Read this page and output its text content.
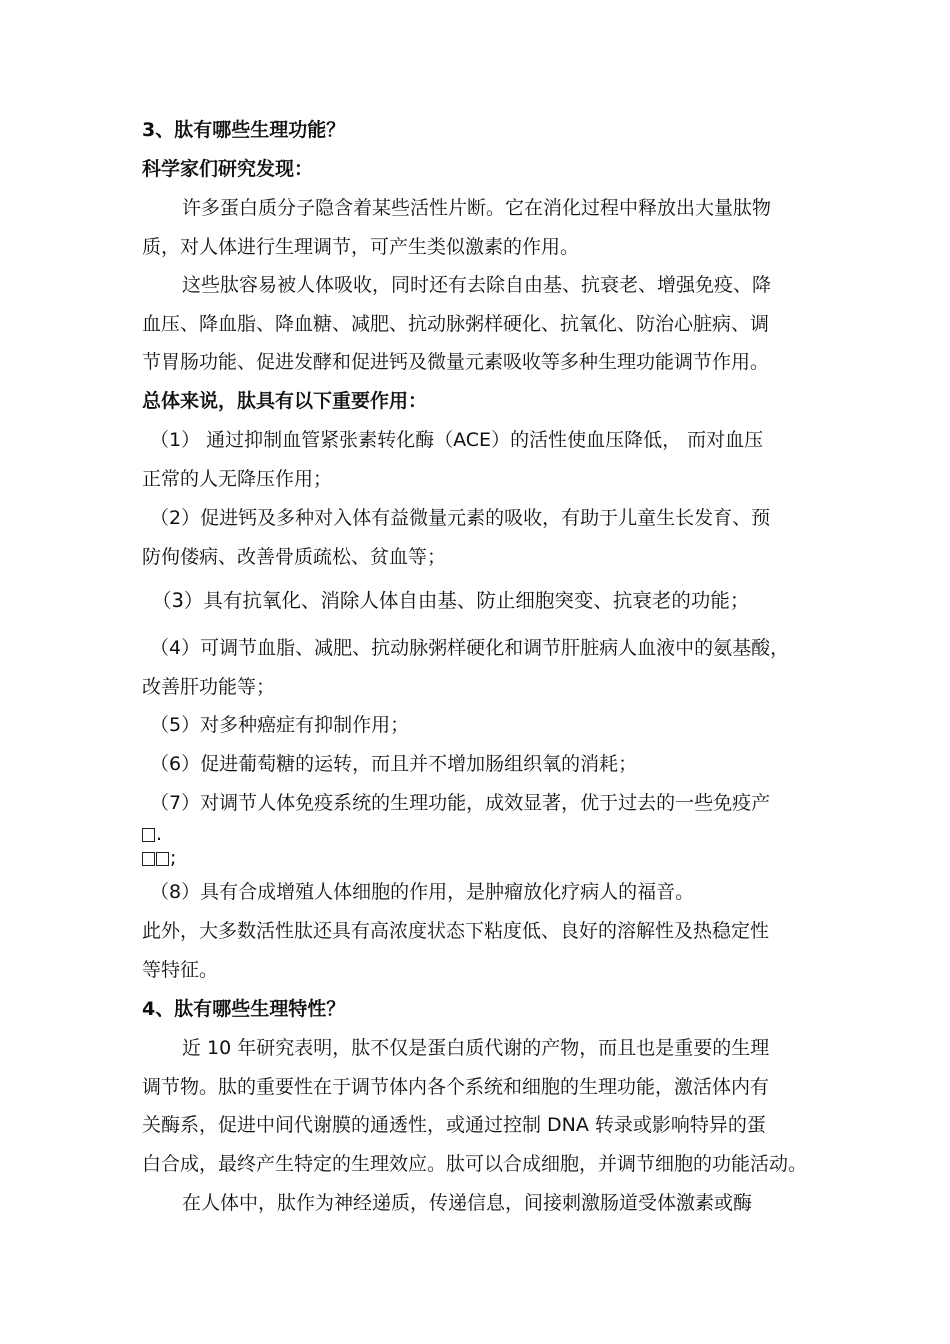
3、肽有哪些生理功能？

科学家们研究发现：

许多蛋白质分子隐含着某些活性片断。它在消化过程中释放出大量肽物

质，对人体进行生理调节，可产生类似激素的作用。

这些肽容易被人体吸收，同时还有去除自由基、抗衰老、增强免疫、降

血压、降血脂、降血糖、减肥、抗动脉粥样硬化、抗氧化、防治心脏病、调

节胃肠功能、促进发酵和促进钙及微量元素吸收等多种生理功能调节作用。

总体来说，肽具有以下重要作用：

（1） 通过抑制血管紧张素转化酶（ACE）的活性使血压降低， 而对血压

正常的人无降压作用；

（2）促进钙及多种对入体有益微量元素的吸收，有助于儿童生长发育、预

防佝偻病、改善骨质疏松、贫血等；

（3）具有抗氧化、消除人体自由基、防止细胞突变、抗衰老的功能；

（4）可调节血脂、减肥、抗动脉粥样硬化和调节肝脏病人血液中的氨基酸，

改善肝功能等；

（5）对多种癌症有抑制作用；

（6）促进葡萄糖的运转，而且并不增加肠组织氧的消耗；

（7）对调节人体免疫系统的生理功能，成效显著，优于过去的一些免疫产

.

;

（8）具有合成增殖人体细胞的作用，是肿瘤放化疗病人的福音。

此外，大多数活性肽还具有高浓度状态下粘度低、良好的溶解性及热稳定性

等特征。

4、肽有哪些生理特性？

近 10 年研究表明，肽不仅是蛋白质代谢的产物，而且也是重要的生理

调节物。肽的重要性在于调节体内各个系统和细胞的生理功能，激活体内有

关酶系，促进中间代谢膜的通透性，或通过控制 DNA 转录或影响特异的蛋

白合成，最终产生特定的生理效应。肽可以合成细胞，并调节细胞的功能活动。

在人体中，肽作为神经递质，传递信息，间接刺激肠道受体激素或酶
